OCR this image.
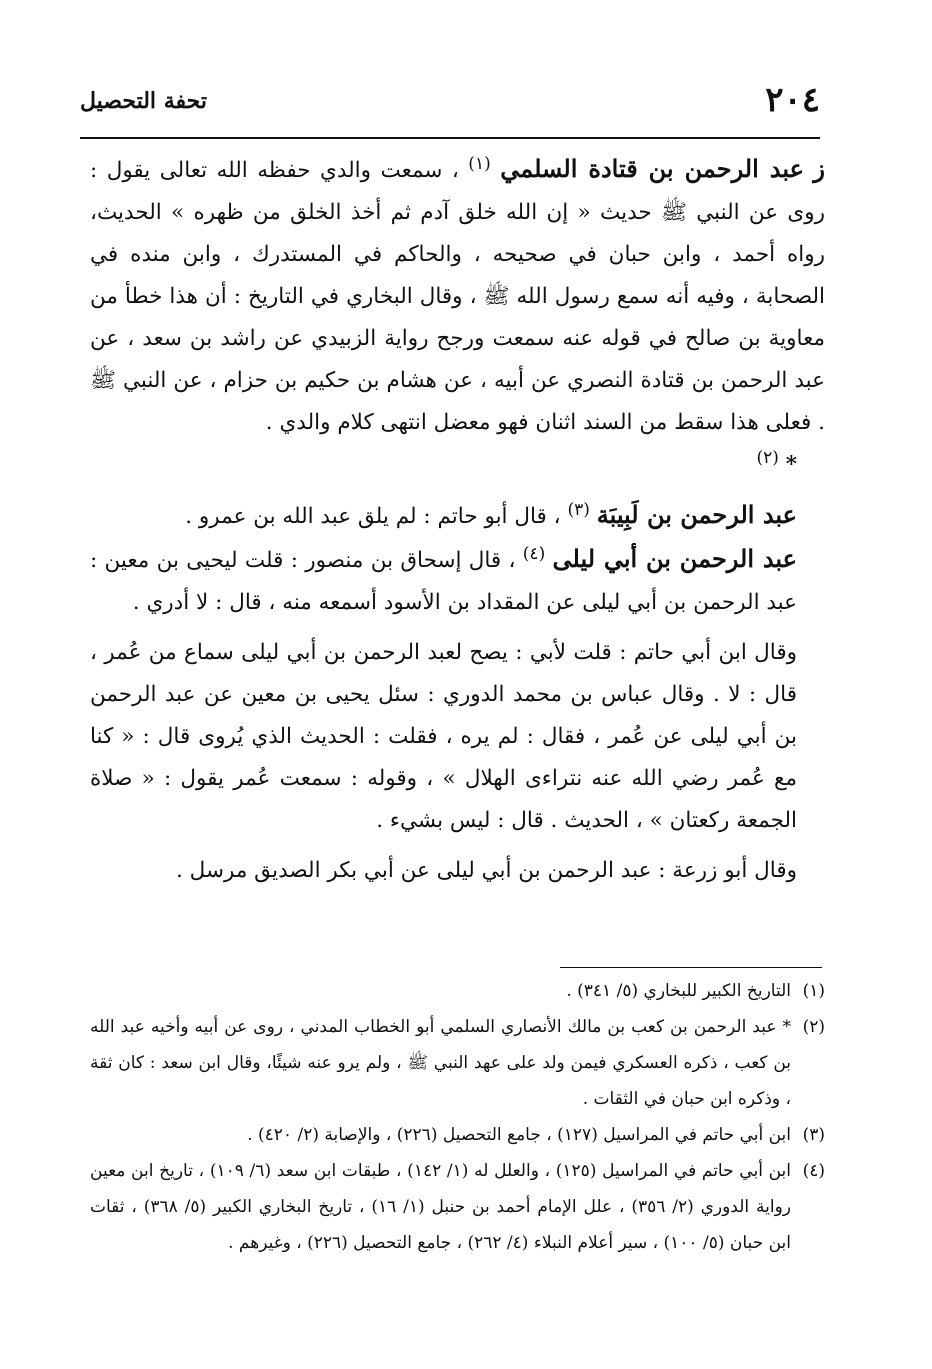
٢٠٤
تحفة التحصيل

ز عبد الرحمن بن قتادة السلمي $^{(١)}$ ، سمعت والدي حفظه الله تعالى يقول : روى عن النبي ﷺ حديث « إن الله خلق آدم ثم أخذ الخلق من ظهره » الحديث، رواه أحمد ، وابن حبان في صحيحه ، والحاكم في المستدرك ، وابن منده في الصحابة ، وفيه أنه سمع رسول الله ﷺ ، وقال البخاري في التاريخ : أن هذا خطأ من معاوية بن صالح في قوله عنه سمعت ورجح رواية الزبيدي عن راشد بن سعد ، عن عبد الرحمن بن قتادة النصري عن أبيه ، عن هشام بن حكيم بن حزام ، عن النبي ﷺ . فعلى هذا سقط من السند اثنان فهو معضل انتهى كلام والدي .

* $^{(٢)}$

عبد الرحمن بن لَبِيبَة $^{(٣)}$ ، قال أبو حاتم : لم يلق عبد الله بن عمرو .

عبد الرحمن بن أبي ليلى $^{(٤)}$ ، قال إسحاق بن منصور : قلت ليحيى بن معين : عبد الرحمن بن أبي ليلى عن المقداد بن الأسود أسمعه منه ، قال : لا أدري .

وقال ابن أبي حاتم : قلت لأبي : يصح لعبد الرحمن بن أبي ليلى سماع من عُمر ، قال : لا . وقال عباس بن محمد الدوري : سئل يحيى بن معين عن عبد الرحمن بن أبي ليلى عن عُمر ، فقال : لم يره ، فقلت : الحديث الذي يُروى قال : « كنا مع عُمر رضي الله عنه نتراءى الهلال » ، وقوله : سمعت عُمر يقول : « صلاة الجمعة ركعتان » ، الحديث . قال : ليس بشيء .

وقال أبو زرعة : عبد الرحمن بن أبي ليلى عن أبي بكر الصديق مرسل .

(١)
التاريخ الكبير للبخاري (٥/ ٣٤١) .

(٢)
* عبد الرحمن بن كعب بن مالك الأنصاري السلمي أبو الخطاب المدني ، روى عن أبيه وأخيه عبد الله بن كعب ، ذكره العسكري فيمن ولد على عهد النبي ﷺ ، ولم يرو عنه شيئًا، وقال ابن سعد : كان ثقة ، وذكره ابن حبان في الثقات .

(٣)
ابن أبي حاتم في المراسيل (١٢٧) ، جامع التحصيل (٢٢٦) ، والإصابة (٢/ ٤٢٠) .

(٤)
ابن أبي حاتم في المراسيل (١٢٥) ، والعلل له (١/ ١٤٢) ، طبقات ابن سعد (٦/ ١٠٩) ، تاريخ ابن معين رواية الدوري (٢/ ٣٥٦) ، علل الإمام أحمد بن حنبل (١/ ١٦) ، تاريخ البخاري الكبير (٥/ ٣٦٨) ، ثقات ابن حبان (٥/ ١٠٠) ، سير أعلام النبلاء (٤/ ٢٦٢) ، جامع التحصيل (٢٢٦) ، وغيرهم .
